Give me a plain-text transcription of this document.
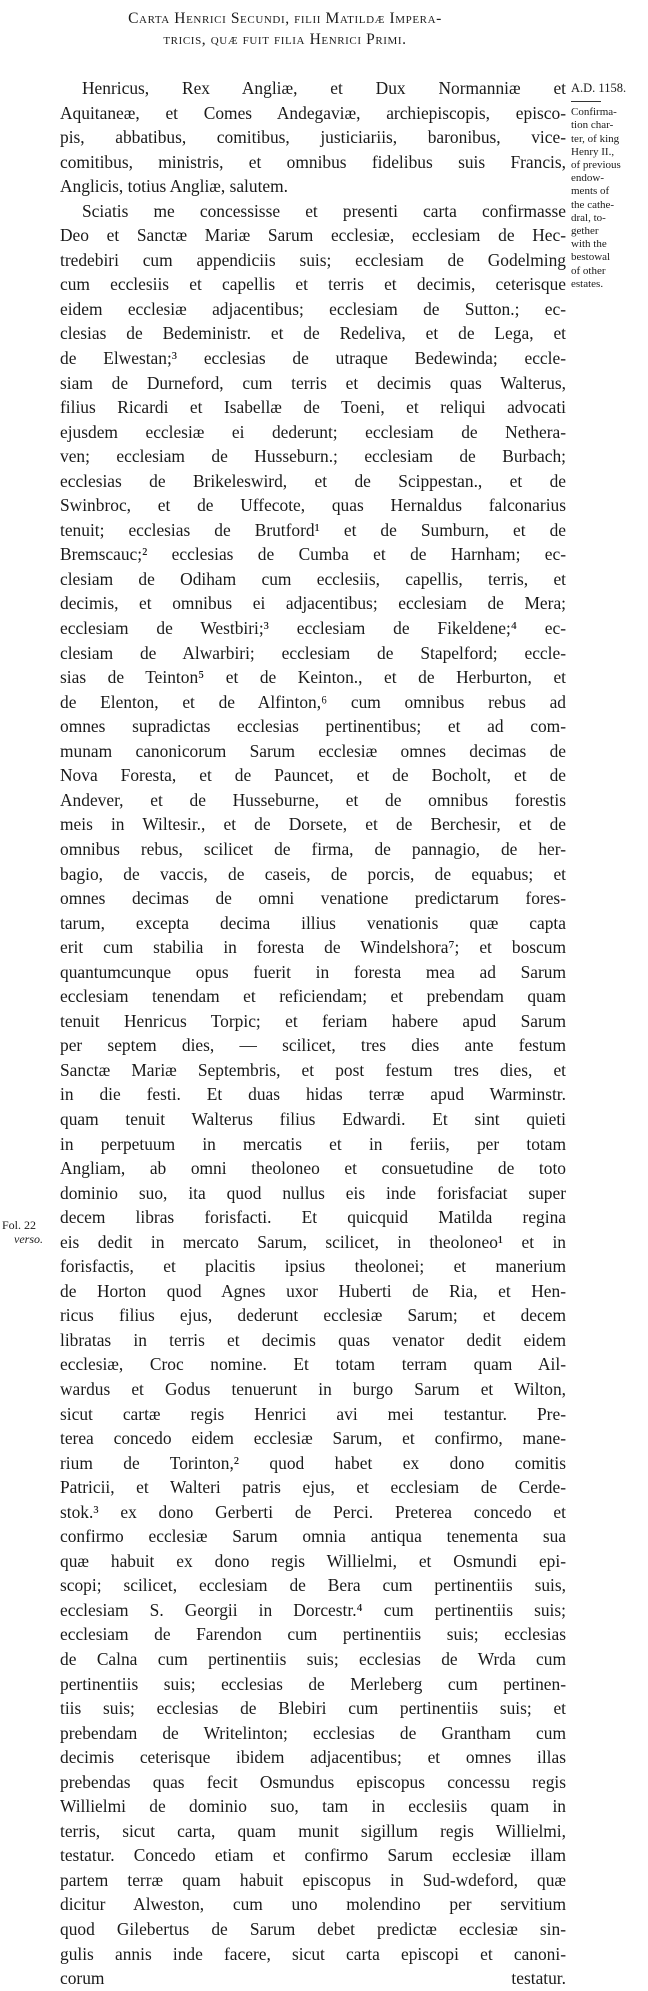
Carta Henrici Secundi, filii Matildæ Impera-
tricis, quæ fuit filia Henrici Primi.
A.D. 1158.
Confirma-
tion char-
ter, of king
Henry II.,
of previous
endow-
ments of
the cathe-
dral, to-
gether
with the
bestowal
of other
estates.
Fol. 22
verso.
Henricus, Rex Angliæ, et Dux Normanniæ et
Aquitaneæ, et Comes Andegaviæ, archiepiscopis, episco-
pis, abbatibus, comitibus, justiciariis, baronibus, vice-
comitibus, ministris, et omnibus fidelibus suis Francis,
Anglicis, totius Angliæ, salutem.
Sciatis me concessisse et presenti carta confirmasse
Deo et Sanctæ Mariæ Sarum ecclesiæ, ecclesiam de Hec-
tredebiri cum appendiciis suis; ecclesiam de Godelming
cum ecclesiis et capellis et terris et decimis, ceterisque
eidem ecclesiæ adjacentibus; ecclesiam de Sutton.; ec-
clesias de Bedeministr. et de Redeliva, et de Lega, et
de Elwestan;³ ecclesias de utraque Bedewinda; eccle-
siam de Durneford, cum terris et decimis quas Walterus,
filius Ricardi et Isabellæ de Toeni, et reliqui advocati
ejusdem ecclesiæ ei dederunt; ecclesiam de Nethera-
ven; ecclesiam de Husseburn.; ecclesiam de Burbach;
ecclesias de Brikeleswird, et de Scippestan., et de
Swinbroc, et de Uffecote, quas Hernaldus falconarius
tenuit; ecclesias de Brutford¹ et de Sumburn, et de
Bremscauc;² ecclesias de Cumba et de Harnham; ec-
clesiam de Odiham cum ecclesiis, capellis, terris, et
decimis, et omnibus ei adjacentibus; ecclesiam de Mera;
ecclesiam de Westbiri;³ ecclesiam de Fikeldene;⁴ ec-
clesiam de Alwarbiri; ecclesiam de Stapelford; eccle-
sias de Teinton⁵ et de Keinton., et de Herburton, et
de Elenton, et de Alfinton,⁶ cum omnibus rebus ad
omnes supradictas ecclesias pertinentibus; et ad com-
munam canonicorum Sarum ecclesiæ omnes decimas de
Nova Foresta, et de Pauncet, et de Bocholt, et de
Andever, et de Husseburne, et de omnibus forestis
meis in Wiltesir., et de Dorsete, et de Berchesir, et de
omnibus rebus, scilicet de firma, de pannagio, de her-
bagio, de vaccis, de caseis, de porcis, de equabus; et
omnes decimas de omni venatione predictarum fores-
tarum, excepta decima illius venationis quæ capta
erit cum stabilia in foresta de Windelshora⁷; et boscum
quantumcunque opus fuerit in foresta mea ad Sarum
ecclesiam tenendam et reficiendam; et prebendam quam
tenuit Henricus Torpic; et feriam habere apud Sarum
per septem dies, — scilicet, tres dies ante festum
Sanctæ Mariæ Septembris, et post festum tres dies, et
in die festi. Et duas hidas terræ apud Warminstr.
quam tenuit Walterus filius Edwardi. Et sint quieti
in perpetuum in mercatis et in feriis, per totam
Angliam, ab omni theoloneo et consuetudine de toto
dominio suo, ita quod nullus eis inde forisfaciat super
decem libras forisfacti. Et quicquid Matilda regina
eis dedit in mercato Sarum, scilicet, in theoloneo¹ et in
forisfactis, et placitis ipsius theolonei; et manerium
de Horton quod Agnes uxor Huberti de Ria, et Hen-
ricus filius ejus, dederunt ecclesiæ Sarum; et decem
libratas in terris et decimis quas venator dedit eidem
ecclesiæ, Croc nomine. Et totam terram quam Ail-
wardus et Godus tenuerunt in burgo Sarum et Wilton,
sicut cartæ regis Henrici avi mei testantur. Pre-
terea concedo eidem ecclesiæ Sarum, et confirmo, mane-
rium de Torinton,² quod habet ex dono comitis
Patricii, et Walteri patris ejus, et ecclesiam de Cerde-
stok.³ ex dono Gerberti de Perci. Preterea concedo et
confirmo ecclesiæ Sarum omnia antiqua tenementa sua
quæ habuit ex dono regis Willielmi, et Osmundi epi-
scopi; scilicet, ecclesiam de Bera cum pertinentiis suis,
ecclesiam S. Georgii in Dorcestr.⁴ cum pertinentiis suis;
ecclesiam de Farendon cum pertinentiis suis; ecclesias
de Calna cum pertinentiis suis; ecclesias de Wrda cum
pertinentiis suis; ecclesias de Merleberg cum pertinen-
tiis suis; ecclesias de Blebiri cum pertinentiis suis; et
prebendam de Writelinton; ecclesias de Grantham cum
decimis ceterisque ibidem adjacentibus; et omnes illas
prebendas quas fecit Osmundus episcopus concessu regis
Willielmi de dominio suo, tam in ecclesiis quam in
terris, sicut carta, quam munit sigillum regis Willielmi,
testatur. Concedo etiam et confirmo Sarum ecclesiæ illam
partem terræ quam habuit episcopus in Sud-wdeford, quæ
dicitur Alweston, cum uno molendino per servitium
quod Gilebertus de Sarum debet predictæ ecclesiæ sin-
gulis annis inde facere, sicut carta episcopi et canoni-
corum testatur.
